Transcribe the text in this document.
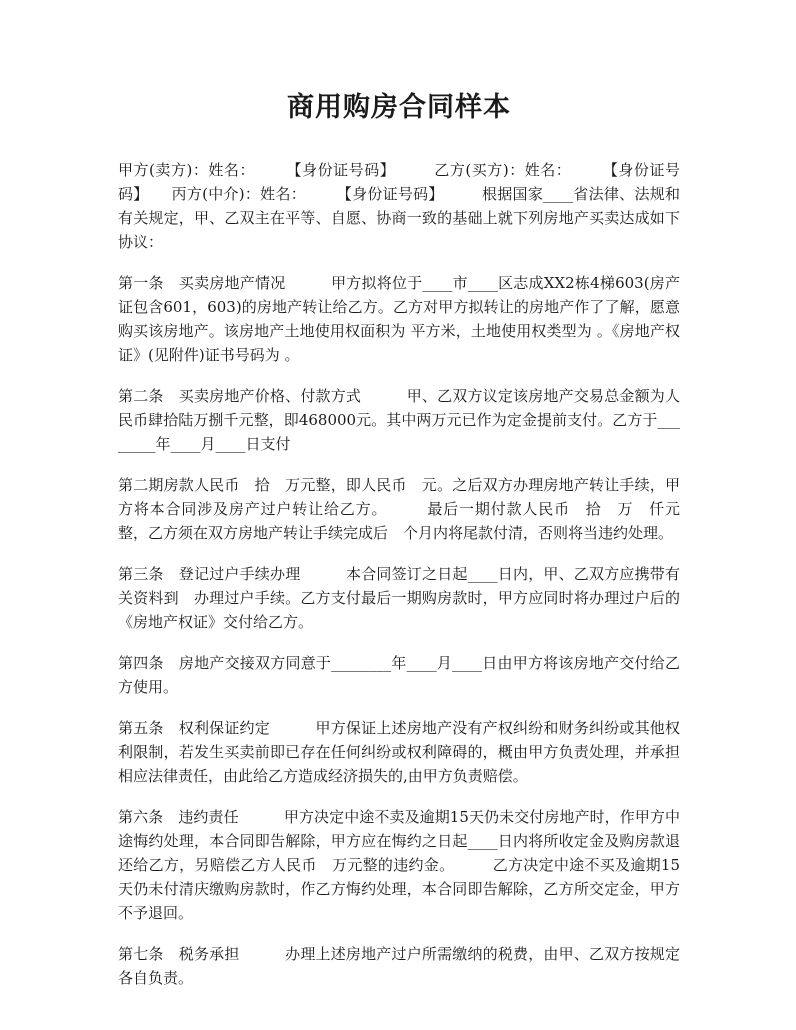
商用购房合同样本

甲方(卖方)：姓名：　　　【身份证号码】　　　乙方(买方)：姓名：　　　【身份证号码】　　丙方(中介)：姓名：　　　【身份证号码】　　　根据国家____省法律、法规和有关规定，甲、乙双主在平等、自愿、协商一致的基础上就下列房地产买卖达成如下协议：

第一条　买卖房地产情况　　　甲方拟将位于____市____区志成XX2栋4梯603(房产证包含601，603)的房地产转让给乙方。乙方对甲方拟转让的房地产作了了解，愿意购买该房地产。该房地产土地使用权面积为 平方米，土地使用权类型为 。《房地产权证》(见附件)证书号码为 。

第二条　买卖房地产价格、付款方式　　　甲、乙双方议定该房地产交易总金额为人民币肆拾陆万捌千元整，即468000元。其中两万元已作为定金提前支付。乙方于________年____月____日支付

第二期房款人民币　拾　万元整，即人民币　元。之后双方办理房地产转让手续，甲方将本合同涉及房产过户转让给乙方。　　　最后一期付款人民币　拾　万　仟元整，乙方须在双方房地产转让手续完成后　个月内将尾款付清，否则将当违约处理。

第三条　登记过户手续办理　　　本合同签订之日起____日内，甲、乙双方应携带有关资料到　办理过户手续。乙方支付最后一期购房款时，甲方应同时将办理过户后的《房地产权证》交付给乙方。

第四条　房地产交接双方同意于________年____月____日由甲方将该房地产交付给乙方使用。

第五条　权利保证约定　　　甲方保证上述房地产没有产权纠纷和财务纠纷或其他权利限制，若发生买卖前即已存在任何纠纷或权利障碍的，概由甲方负责处理，并承担相应法律责任，由此给乙方造成经济损失的,由甲方负责赔偿。

第六条　违约责任　　　甲方决定中途不卖及逾期15天仍未交付房地产时，作甲方中途悔约处理，本合同即告解除，甲方应在悔约之日起____日内将所收定金及购房款退还给乙方，另赔偿乙方人民币　万元整的违约金。　　　乙方决定中途不买及逾期15天仍未付清庆缴购房款时，作乙方悔约处理，本合同即告解除，乙方所交定金，甲方不予退回。

第七条　税务承担　　　办理上述房地产过户所需缴纳的税费，由甲、乙双方按规定各自负责。
